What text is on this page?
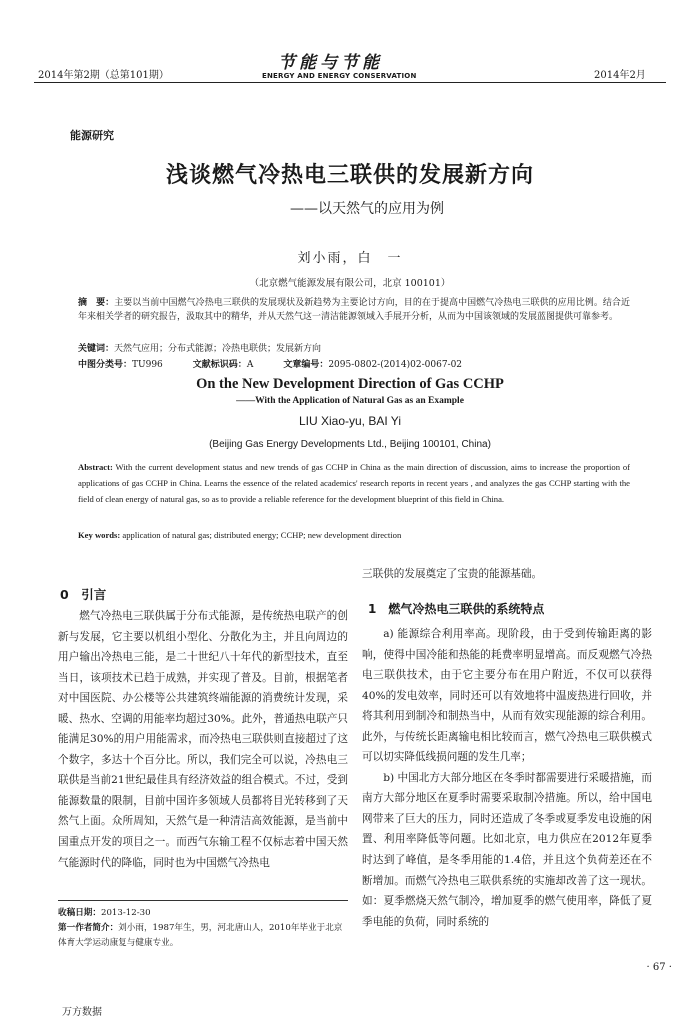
2014年第2期（总第101期）
节能与节能
ENERGY AND ENERGY CONSERVATION	2014年2月
能源研究
浅谈燃气冷热电三联供的发展新方向
——以天然气的应用为例
刘小雨，白　一
（北京燃气能源发展有限公司，北京 100101）
摘　要：主要以当前中国燃气冷热电三联供的发展现状及新趋势为主要论讨方向，目的在于提高中国燃气冷热电三联供的应用比例。结合近年来相关学者的研究报告，汲取其中的精华，并从天然气这一清洁能源领域入手展开分析，从而为中国该领域的发展蓝图提供可靠参考。
关键词：天然气应用；分布式能源；冷热电联供；发展新方向
中图分类号：TU996	文献标识码：A	文章编号：2095-0802-(2014)02-0067-02
On the New Development Direction of Gas CCHP
——With the Application of Natural Gas as an Example
LIU Xiao-yu, BAI Yi
(Beijing Gas Energy Developments Ltd., Beijing 100101, China)
Abstract: With the current development status and new trends of gas CCHP in China as the main direction of discussion, aims to increase the proportion of applications of gas CCHP in China. Learns the essence of the related academics' research reports in recent years , and analyzes the gas CCHP starting with the field of clean energy of natural gas, so as to provide a reliable reference for the development blueprint of this field in China.
Key words: application of natural gas; distributed energy; CCHP; new development direction
0　引言

燃气冷热电三联供属于分布式能源，是传统热电联产的创新与发展，它主要以机组小型化、分散化为主，并且向周边的用户输出冷热电三能，是二十世纪八十年代的新型技术，直至当日，该项技术已趋于成熟，并实现了普及。目前，根据笔者对中国医院、办公楼等公共建筑终端能源的消费统计发现，采暖、热水、空调的用能率均超过30%。此外，普通热电联产只能满足30%的用户用能需求，而冷热电三联供则直接超过了这个数字，多达十个百分比。所以，我们完全可以说，冷热电三联供是当前21世纪最佳具有经济效益的组合模式。不过，受到能源数量的限制，目前中国许多领域人员都将目光转移到了天然气上面。众所周知，天然气是一种清洁高效能源，是当前中国重点开发的项目之一。而西气东输工程不仅标志着中国天然气能源时代的降临，同时也为中国燃气冷热电

三联供的发展奠定了宝贵的能源基础。

1　燃气冷热电三联供的系统特点

a) 能源综合利用率高。现阶段，由于受到传输距离的影响，使得中国冷能和热能的耗费率明显增高。而反观燃气冷热电三联供技术，由于它主要分布在用户附近，不仅可以获得40%的发电效率，同时还可以有效地将中温废热进行回收，并将其利用到制冷和制热当中，从而有效实现能源的综合利用。此外，与传统长距离输电相比较而言，燃气冷热电三联供模式可以切实降低线损问题的发生几率；

b) 中国北方大部分地区在冬季时都需要进行采暖措施，而南方大部分地区在夏季时需要采取制冷措施。所以，给中国电网带来了巨大的压力，同时还造成了冬季或夏季发电设施的闲置、利用率降低等问题。比如北京，电力供应在2012年夏季时达到了峰值，是冬季用能的1.4倍，并且这个负荷差还在不断增加。而燃气冷热电三联供系统的实施却改善了这一现状。如：夏季燃烧天然气制冷，增加夏季的燃气使用率，降低了夏季电能的负荷，同时系统的

收稿日期：2013-12-30
第一作者简介：刘小雨，1987年生，男，河北唐山人，2010年毕业于北京体育大学运动康复与健康专业。
· 67 ·
万方数据
